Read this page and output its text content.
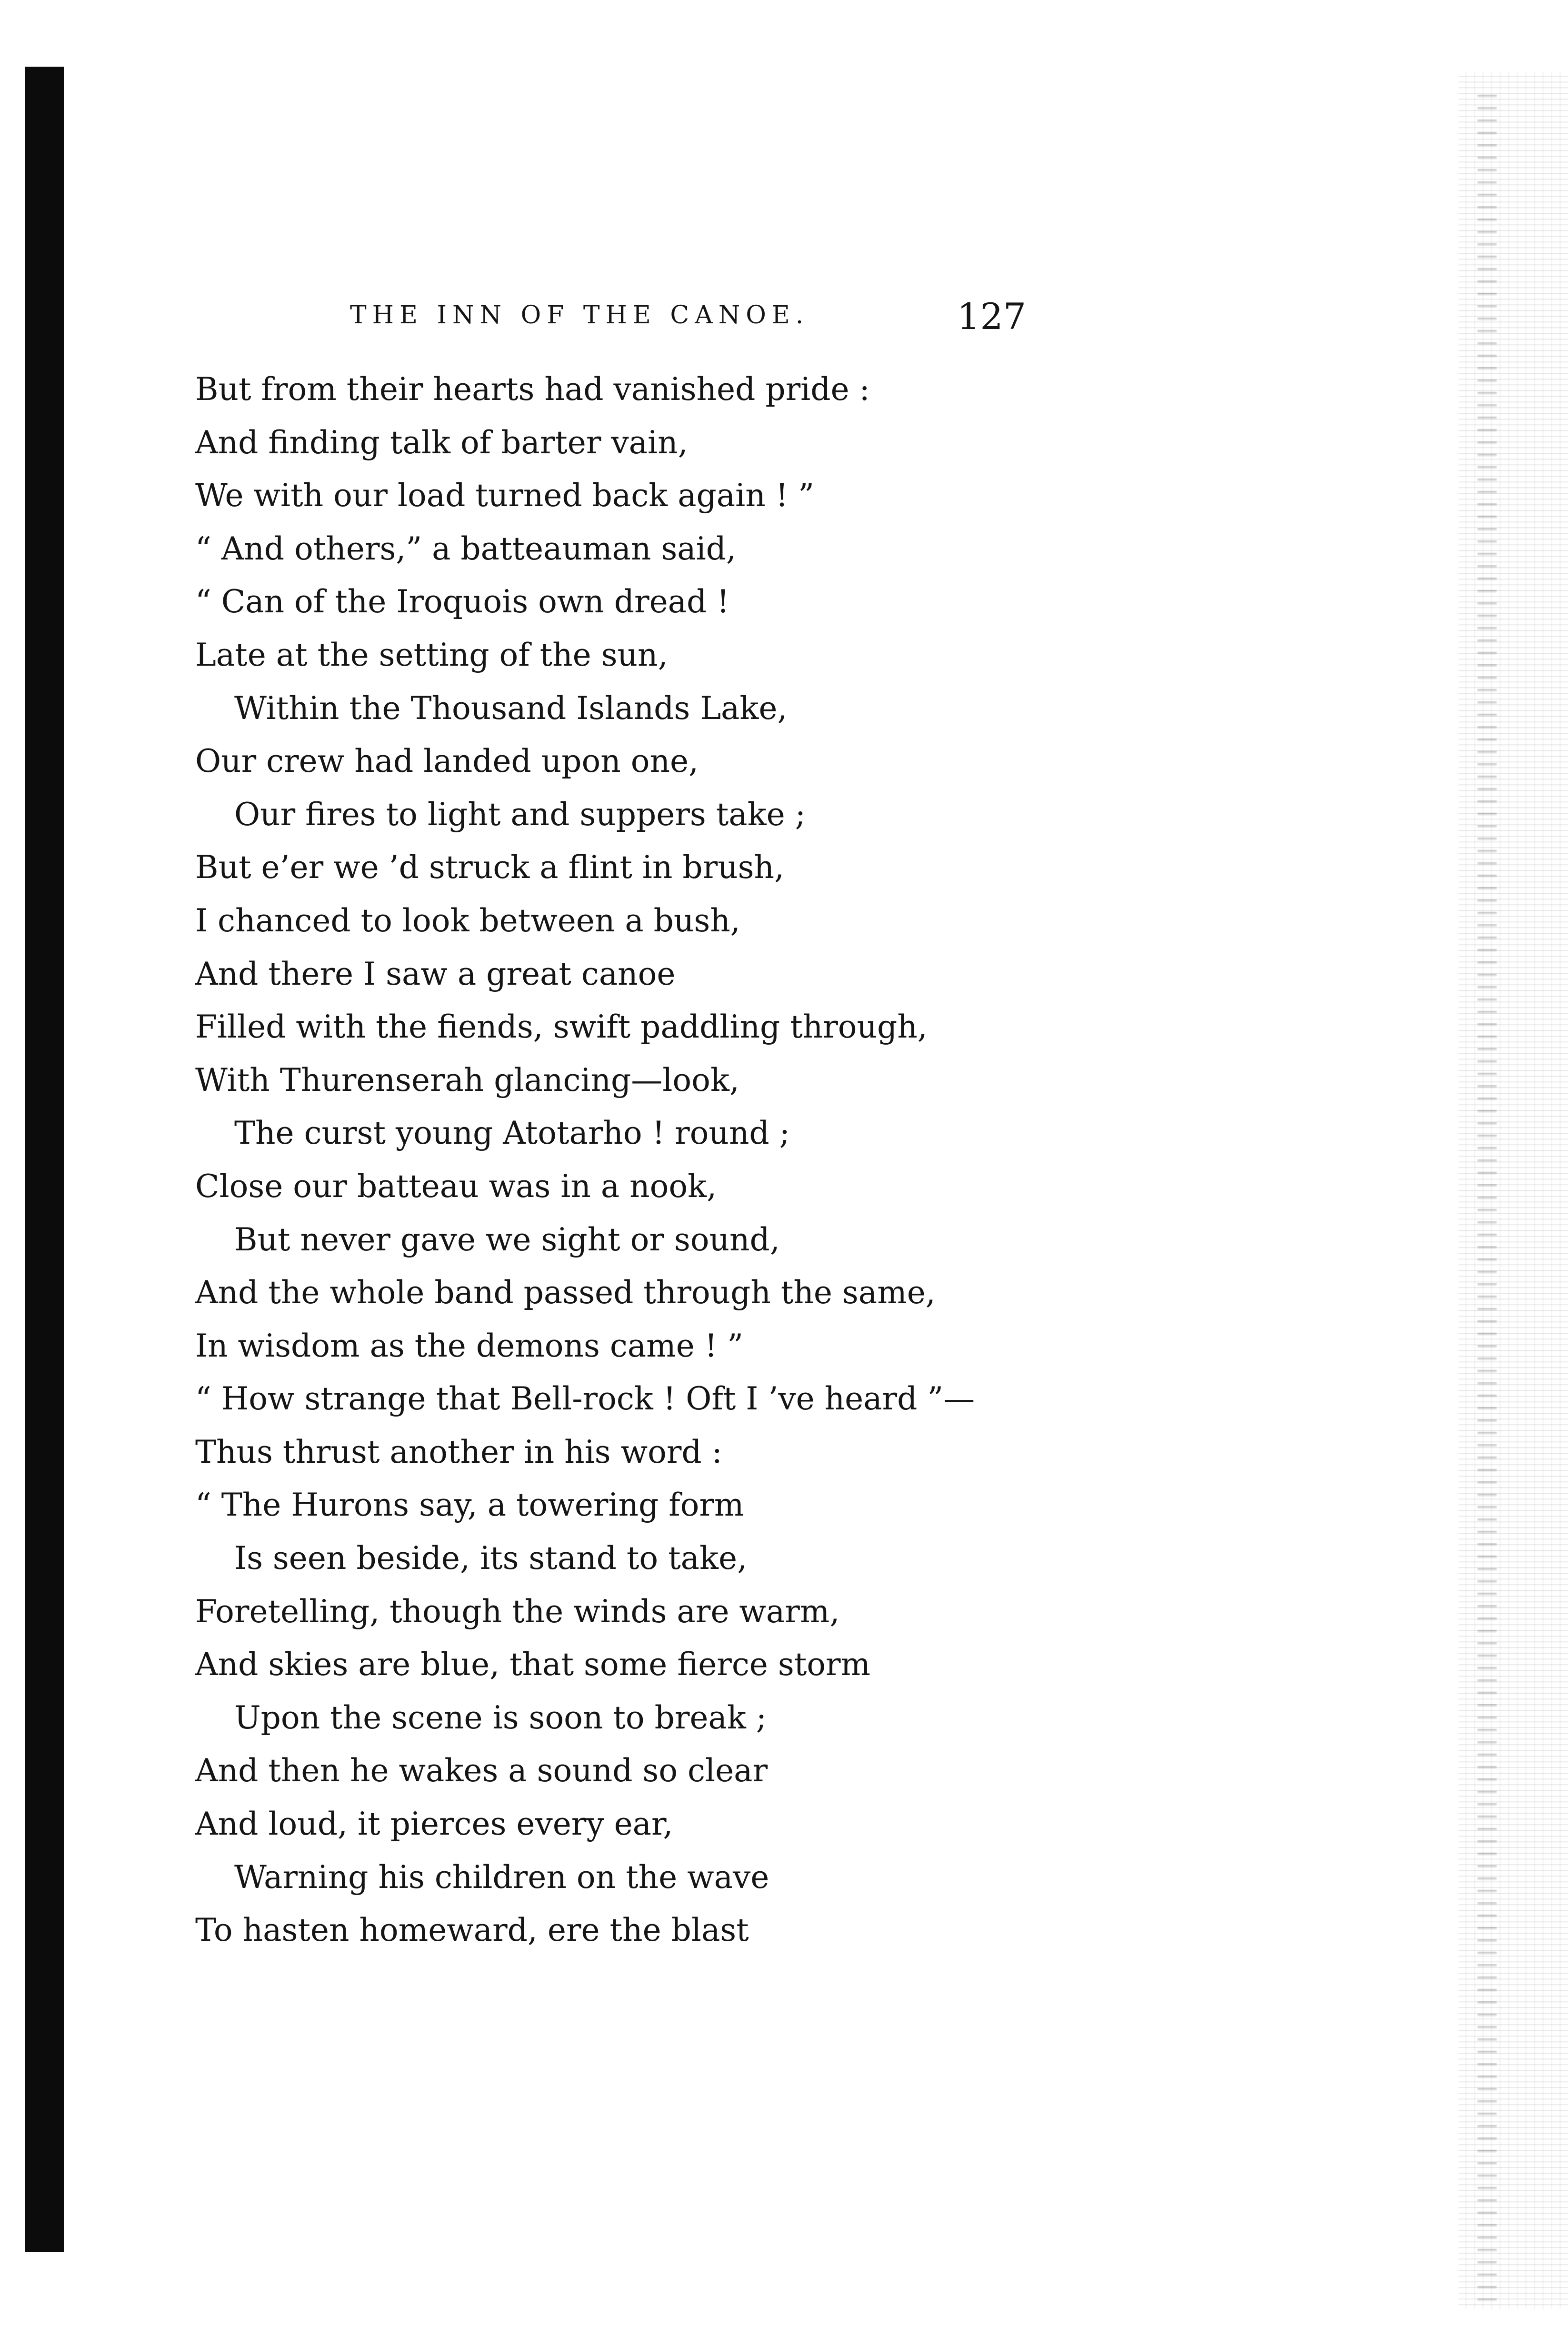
THE INN OF THE CANOE.	127
But from their hearts had vanished pride :
And finding talk of barter vain,
We with our load turned back again ! ”
“ And others,” a batteauman said,
“ Can of the Iroquois own dread !
Late at the setting of the sun,
Within the Thousand Islands Lake,
Our crew had landed upon one,
Our fires to light and suppers take ;
But e’er we ’d struck a flint in brush,
I chanced to look between a bush,
And there I saw a great canoe
Filled with the fiends, swift paddling through,
With Thurenserah glancing—look,
The curst young Atotarho ! round ;
Close our batteau was in a nook,
But never gave we sight or sound,
And the whole band passed through the same,
In wisdom as the demons came ! ”
“ How strange that Bell-rock ! Oft I ’ve heard ”—
Thus thrust another in his word :
“ The Hurons say, a towering form
Is seen beside, its stand to take,
Foretelling, though the winds are warm,
And skies are blue, that some fierce storm
Upon the scene is soon to break ;
And then he wakes a sound so clear
And loud, it pierces every ear,
Warning his children on the wave
To hasten homeward, ere the blast
